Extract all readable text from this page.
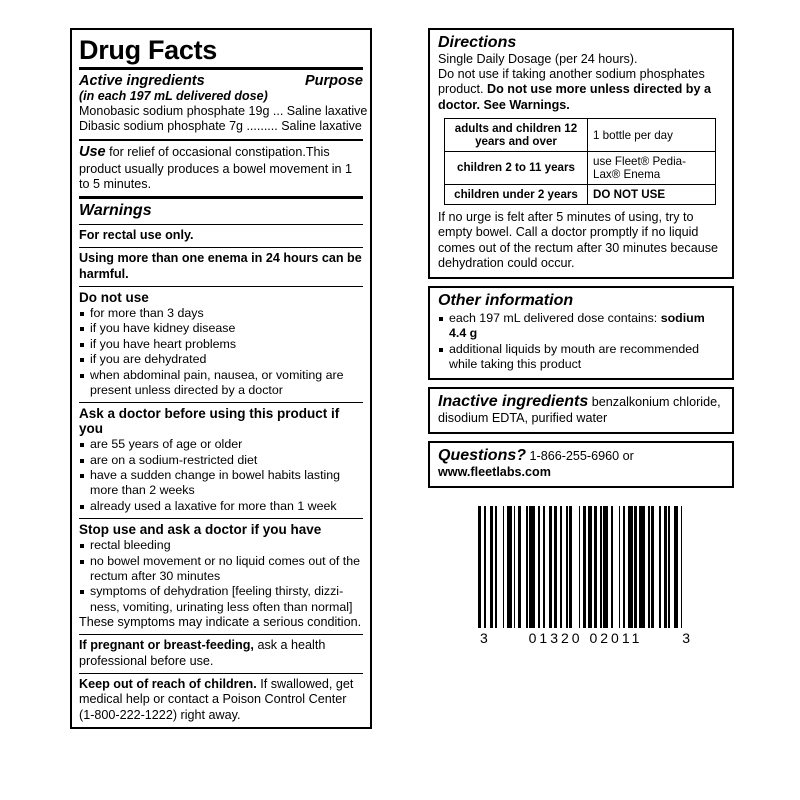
Drug Facts
Active ingredients	Purpose
(in each 197 mL delivered dose)
Monobasic sodium phosphate 19g ... Saline laxative
Dibasic sodium phosphate 7g ......... Saline laxative
Use for relief of occasional constipation.This product usually produces a bowel movement in 1 to 5 minutes.
Warnings
For rectal use only.
Using more than one enema in 24 hours can be harmful.
Do not use
for more than 3 days
if you have kidney disease
if you have heart problems
if you are dehydrated
when abdominal pain, nausea, or vomiting are present unless directed by a doctor
Ask a doctor before using this product if you
are 55 years of age or older
are on a sodium-restricted diet
have a sudden change in bowel habits lasting more than 2 weeks
already used a laxative for more than 1 week
Stop use and ask a doctor if you have
rectal bleeding
no bowel movement or no liquid comes out of the rectum after 30 minutes
symptoms of dehydration [feeling thirsty, dizzi-ness, vomiting, urinating less often than normal]
These symptoms may indicate a serious condition.
If pregnant or breast-feeding, ask a health professional before use.
Keep out of reach of children. If swallowed, get medical help or contact a Poison Control Center (1-800-222-1222) right away.
Directions
Single Daily Dosage (per 24 hours).
Do not use if taking another sodium phosphates product. Do not use more unless directed by a doctor. See Warnings.
adults and children 12 years and over	1 bottle per day
children 2 to 11 years	use Fleet® Pedia-Lax® Enema
children under 2 years	DO NOT USE
If no urge is felt after 5 minutes of using, try to empty bowel. Call a doctor promptly if no liquid comes out of the rectum after 30 minutes because dehydration could occur.
Other information
each 197 mL delivered dose contains: sodium 4.4 g
additional liquids by mouth are recommended while taking this product
Inactive ingredients benzalkonium chloride, disodium EDTA, purified water
Questions? 1-866-255-6960 or
www.fleetlabs.com
3	01320 02011	3
